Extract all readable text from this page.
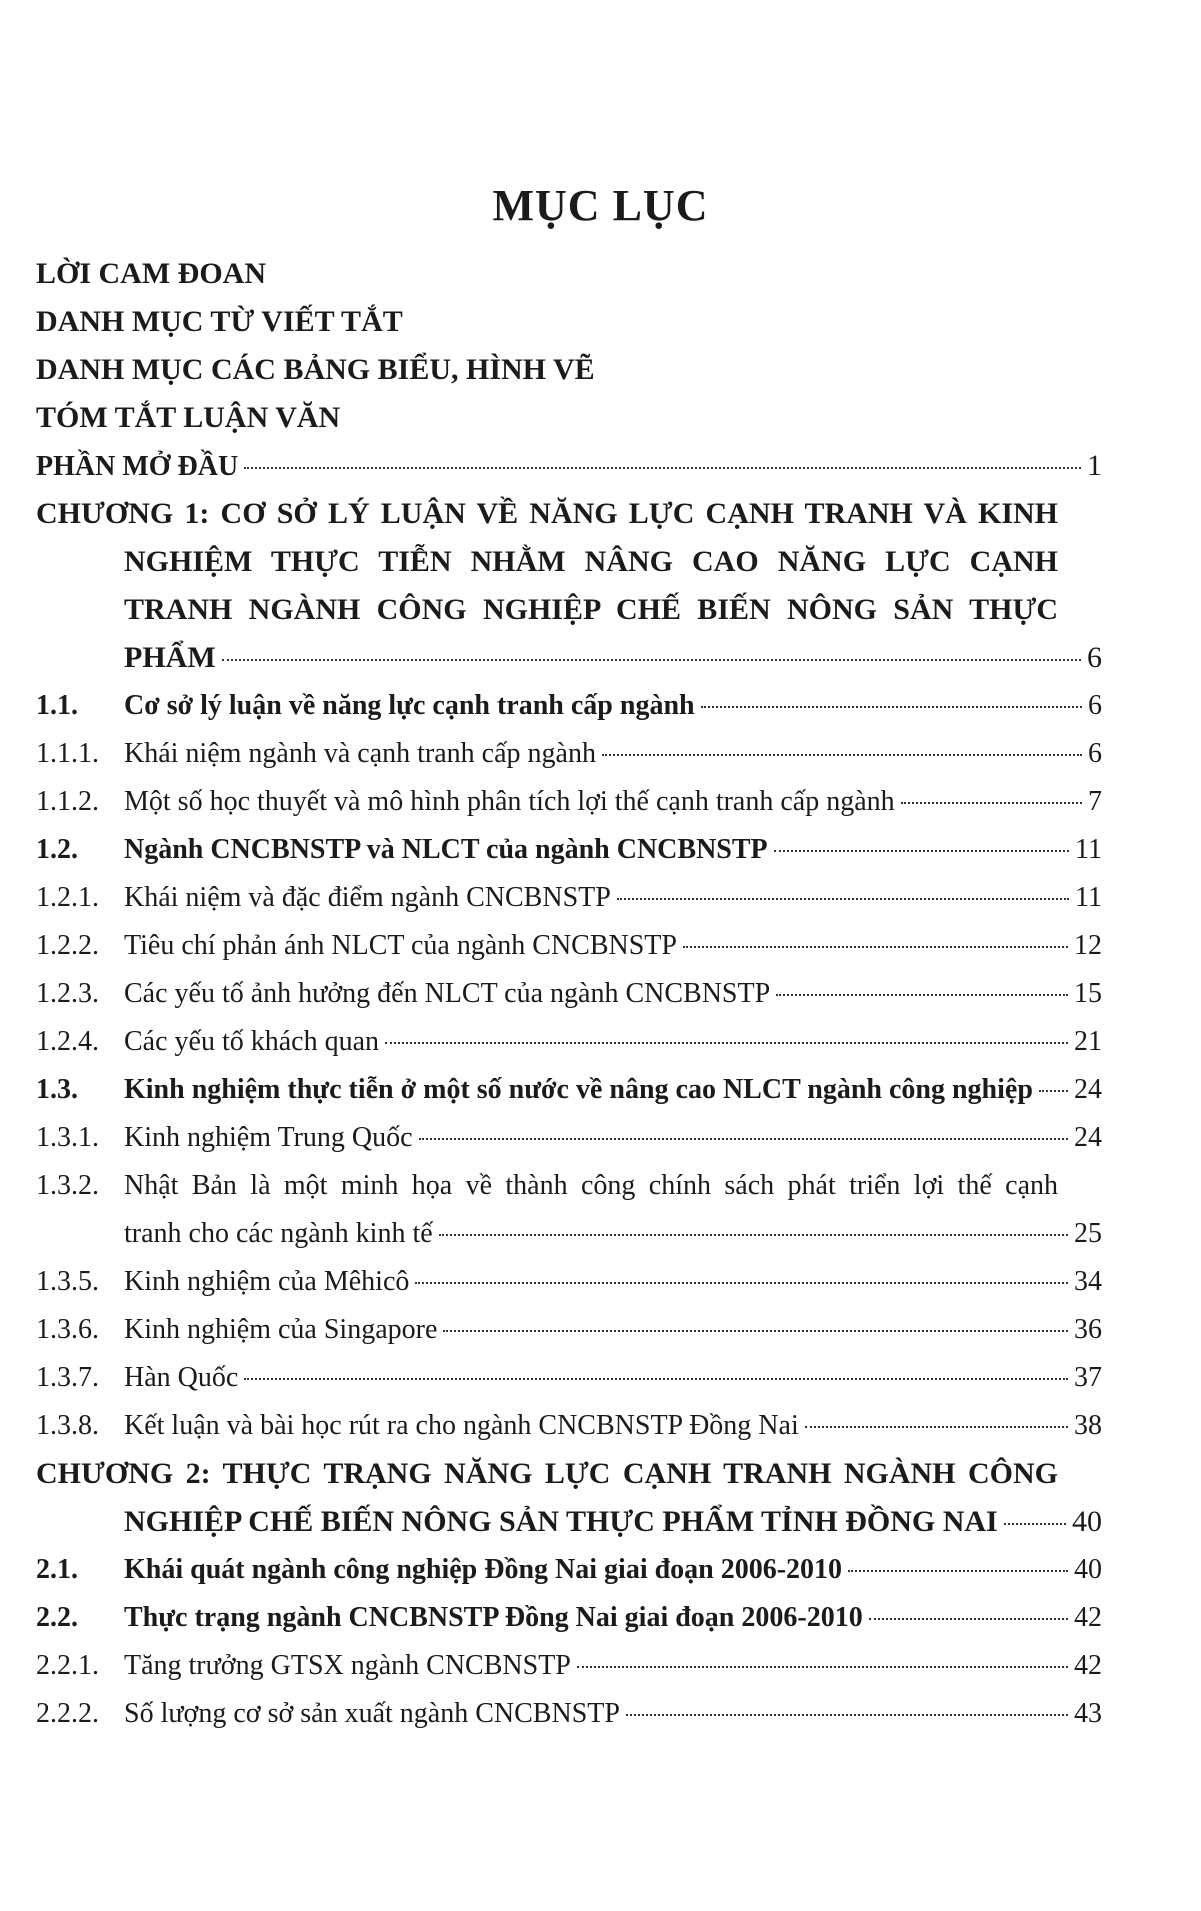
MỤC LỤC
LỜI CAM ĐOAN
DANH MỤC TỪ VIẾT TẮT
DANH MỤC CÁC BẢNG BIỂU, HÌNH VẼ
TÓM TẮT LUẬN VĂN
PHẦN MỞ ĐẦU	1
CHƯƠNG 1: CƠ SỞ LÝ LUẬN VỀ NĂNG LỰC CẠNH TRANH VÀ KINH
NGHIỆM THỰC TIỄN NHẰM NÂNG CAO NĂNG LỰC CẠNH
TRANH NGÀNH CÔNG NGHIỆP CHẾ BIẾN NÔNG SẢN THỰC
PHẨM	6
1.1.	Cơ sở lý luận về năng lực cạnh tranh cấp ngành	6
1.1.1. Khái niệm ngành và cạnh tranh cấp ngành	6
1.1.2. Một số học thuyết và mô hình phân tích lợi thế cạnh tranh cấp ngành	7
1.2.	Ngành CNCBNSTP và NLCT của ngành CNCBNSTP	11
1.2.1. Khái niệm và đặc điểm ngành CNCBNSTP	11
1.2.2. Tiêu chí phản ánh NLCT của ngành CNCBNSTP	12
1.2.3. Các yếu tố ảnh hưởng đến NLCT của ngành CNCBNSTP	15
1.2.4. Các yếu tố khách quan	21
1.3.	Kinh nghiệm thực tiễn ở một số nước về nâng cao NLCT ngành công nghiệp 24
1.3.1. Kinh nghiệm Trung Quốc	24
1.3.2. Nhật Bản là một minh họa về thành công chính sách phát triển lợi thế cạnh
tranh cho các ngành kinh tế	25
1.3.5. Kinh nghiệm của Mêhicô	34
1.3.6. Kinh nghiệm của Singapore	36
1.3.7. Hàn Quốc	37
1.3.8. Kết luận và bài học rút ra cho ngành CNCBNSTP Đồng Nai	38
CHƯƠNG 2: THỰC TRẠNG NĂNG LỰC CẠNH TRANH NGÀNH CÔNG
NGHIỆP CHẾ BIẾN NÔNG SẢN THỰC PHẨM TỈNH ĐỒNG NAI 40
2.1.	Khái quát ngành công nghiệp Đồng Nai giai đoạn 2006-2010	40
2.2.	Thực trạng ngành CNCBNSTP Đồng Nai giai đoạn 2006-2010	42
2.2.1. Tăng trưởng GTSX ngành CNCBNSTP	42
2.2.2. Số lượng cơ sở sản xuất ngành CNCBNSTP	43
